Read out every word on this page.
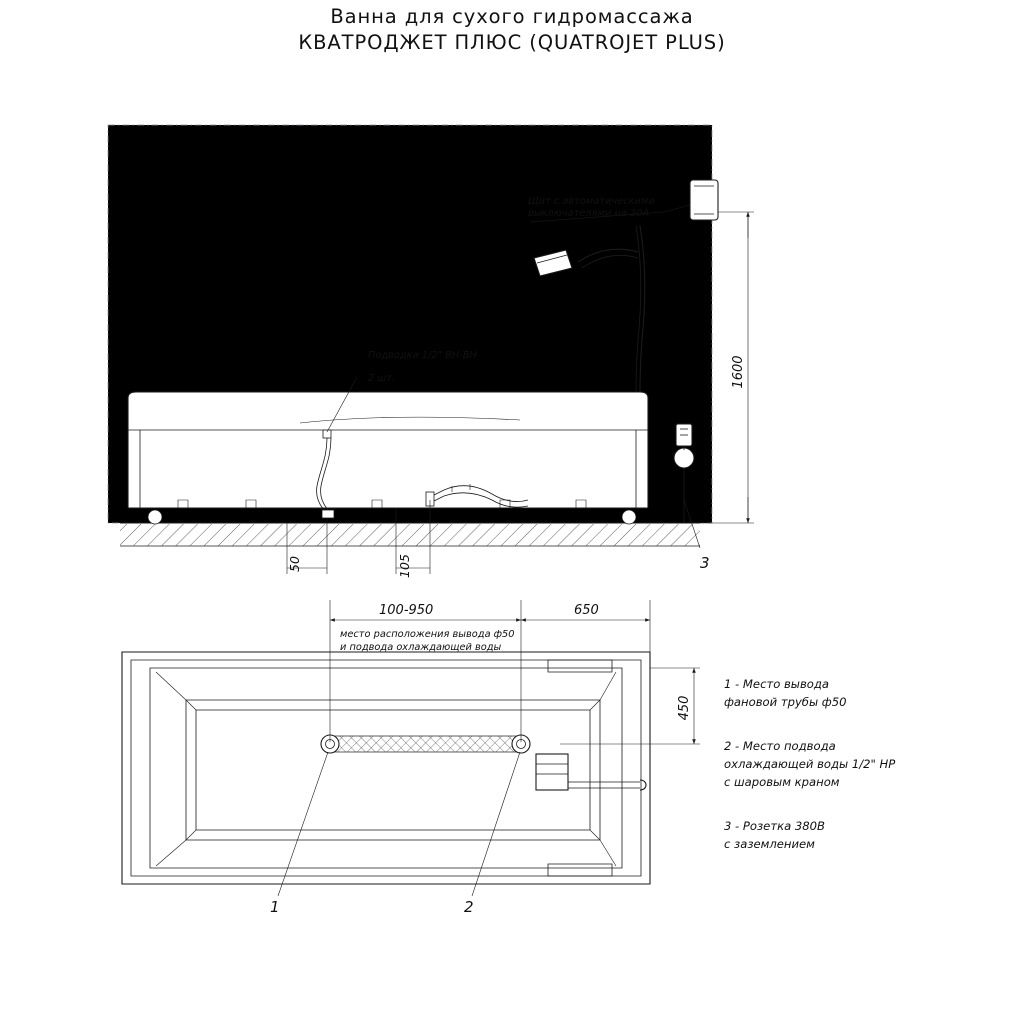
Ванна для сухого гидромассажа
КВАТРОДЖЕТ ПЛЮС (QUATROJET PLUS)
Щит с автоматическими
выключателями на 30А
3
Подводка 1/2" ВН-ВН
2 шт.	1600
50	105
1	2
100-950	650
место расположения вывода ф50
и подвода охлаждающей воды
450
1 - Место вывода
фановой трубы ф50
2 - Место подвода
охлаждающей воды 1/2" НР
с шаровым краном
3 - Розетка 380В
с заземлением
